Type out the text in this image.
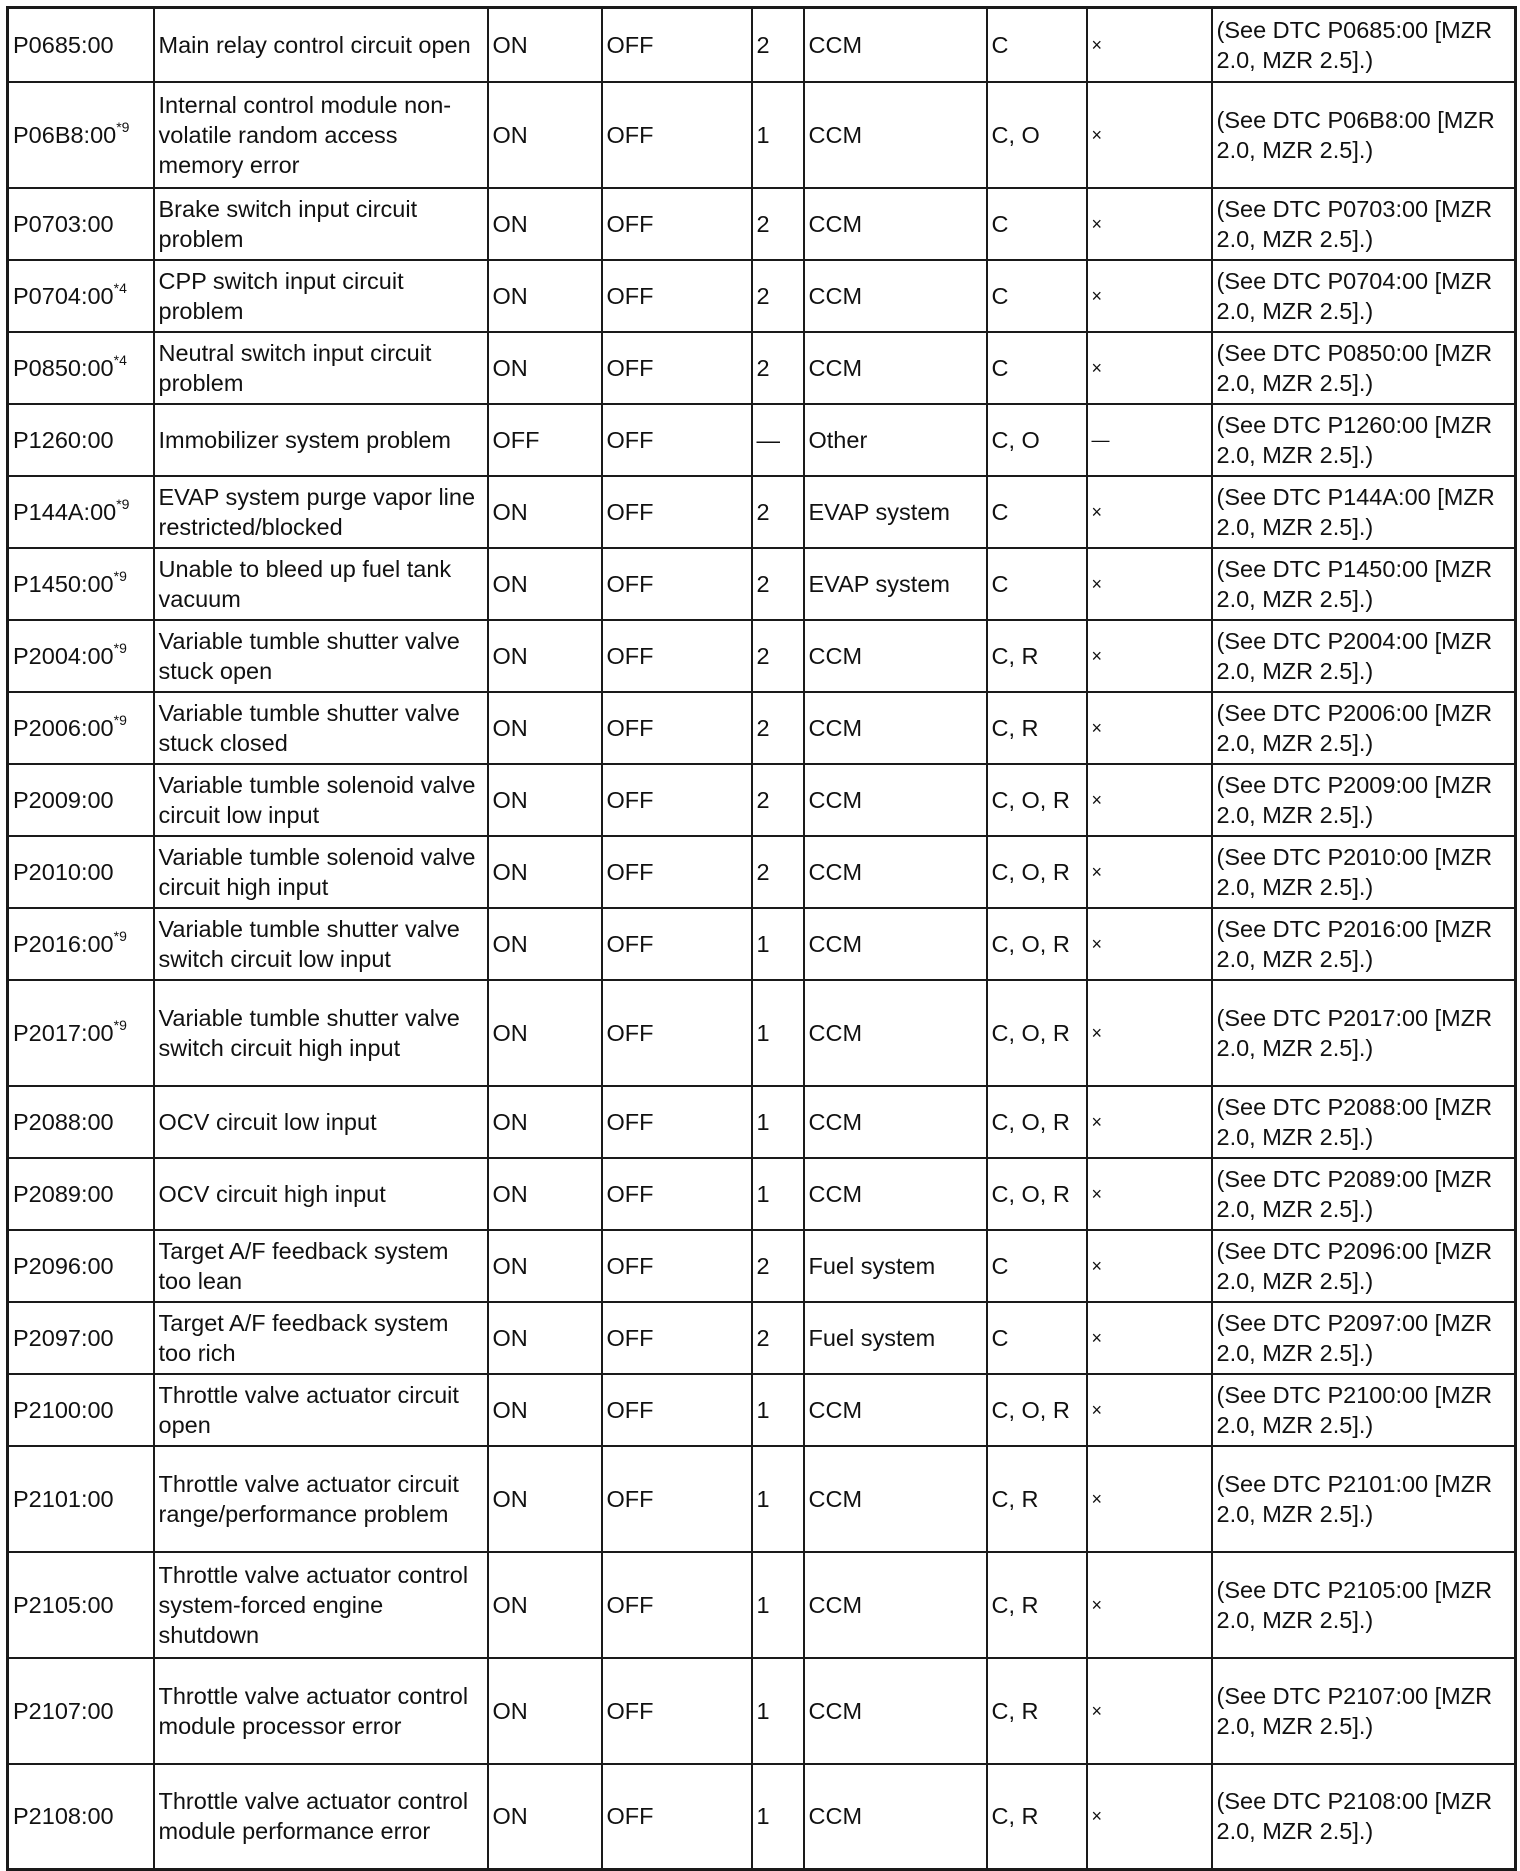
P0685:00	Main relay control circuit open	ON	OFF	2	CCM	C	×	(See DTC P0685:00 [MZR 2.0, MZR 2.5].)
P06B8:00$^{*9}$	Internal control module non-volatile random access memory error	ON	OFF	1	CCM	C, O	×	(See DTC P06B8:00 [MZR 2.0, MZR 2.5].)
P0703:00	Brake switch input circuit problem	ON	OFF	2	CCM	C	×	(See DTC P0703:00 [MZR 2.0, MZR 2.5].)
P0704:00$^{*4}$	CPP switch input circuit problem	ON	OFF	2	CCM	C	×	(See DTC P0704:00 [MZR 2.0, MZR 2.5].)
P0850:00$^{*4}$	Neutral switch input circuit problem	ON	OFF	2	CCM	C	×	(See DTC P0850:00 [MZR 2.0, MZR 2.5].)
P1260:00	Immobilizer system problem	OFF	OFF	—	Other	C, O	—	(See DTC P1260:00 [MZR 2.0, MZR 2.5].)
P144A:00$^{*9}$	EVAP system purge vapor line restricted/blocked	ON	OFF	2	EVAP system	C	×	(See DTC P144A:00 [MZR 2.0, MZR 2.5].)
P1450:00$^{*9}$	Unable to bleed up fuel tank vacuum	ON	OFF	2	EVAP system	C	×	(See DTC P1450:00 [MZR 2.0, MZR 2.5].)
P2004:00$^{*9}$	Variable tumble shutter valve stuck open	ON	OFF	2	CCM	C, R	×	(See DTC P2004:00 [MZR 2.0, MZR 2.5].)
P2006:00$^{*9}$	Variable tumble shutter valve stuck closed	ON	OFF	2	CCM	C, R	×	(See DTC P2006:00 [MZR 2.0, MZR 2.5].)
P2009:00	Variable tumble solenoid valve circuit low input	ON	OFF	2	CCM	C, O, R	×	(See DTC P2009:00 [MZR 2.0, MZR 2.5].)
P2010:00	Variable tumble solenoid valve circuit high input	ON	OFF	2	CCM	C, O, R	×	(See DTC P2010:00 [MZR 2.0, MZR 2.5].)
P2016:00$^{*9}$	Variable tumble shutter valve switch circuit low input	ON	OFF	1	CCM	C, O, R	×	(See DTC P2016:00 [MZR 2.0, MZR 2.5].)
P2017:00$^{*9}$	Variable tumble shutter valve switch circuit high input	ON	OFF	1	CCM	C, O, R	×	(See DTC P2017:00 [MZR 2.0, MZR 2.5].)
P2088:00	OCV circuit low input	ON	OFF	1	CCM	C, O, R	×	(See DTC P2088:00 [MZR 2.0, MZR 2.5].)
P2089:00	OCV circuit high input	ON	OFF	1	CCM	C, O, R	×	(See DTC P2089:00 [MZR 2.0, MZR 2.5].)
P2096:00	Target A/F feedback system too lean	ON	OFF	2	Fuel system	C	×	(See DTC P2096:00 [MZR 2.0, MZR 2.5].)
P2097:00	Target A/F feedback system too rich	ON	OFF	2	Fuel system	C	×	(See DTC P2097:00 [MZR 2.0, MZR 2.5].)
P2100:00	Throttle valve actuator circuit open	ON	OFF	1	CCM	C, O, R	×	(See DTC P2100:00 [MZR 2.0, MZR 2.5].)
P2101:00	Throttle valve actuator circuit range/performance problem	ON	OFF	1	CCM	C, R	×	(See DTC P2101:00 [MZR 2.0, MZR 2.5].)
P2105:00	Throttle valve actuator control system-forced engine shutdown	ON	OFF	1	CCM	C, R	×	(See DTC P2105:00 [MZR 2.0, MZR 2.5].)
P2107:00	Throttle valve actuator control module processor error	ON	OFF	1	CCM	C, R	×	(See DTC P2107:00 [MZR 2.0, MZR 2.5].)
P2108:00	Throttle valve actuator control module performance error	ON	OFF	1	CCM	C, R	×	(See DTC P2108:00 [MZR 2.0, MZR 2.5].)
